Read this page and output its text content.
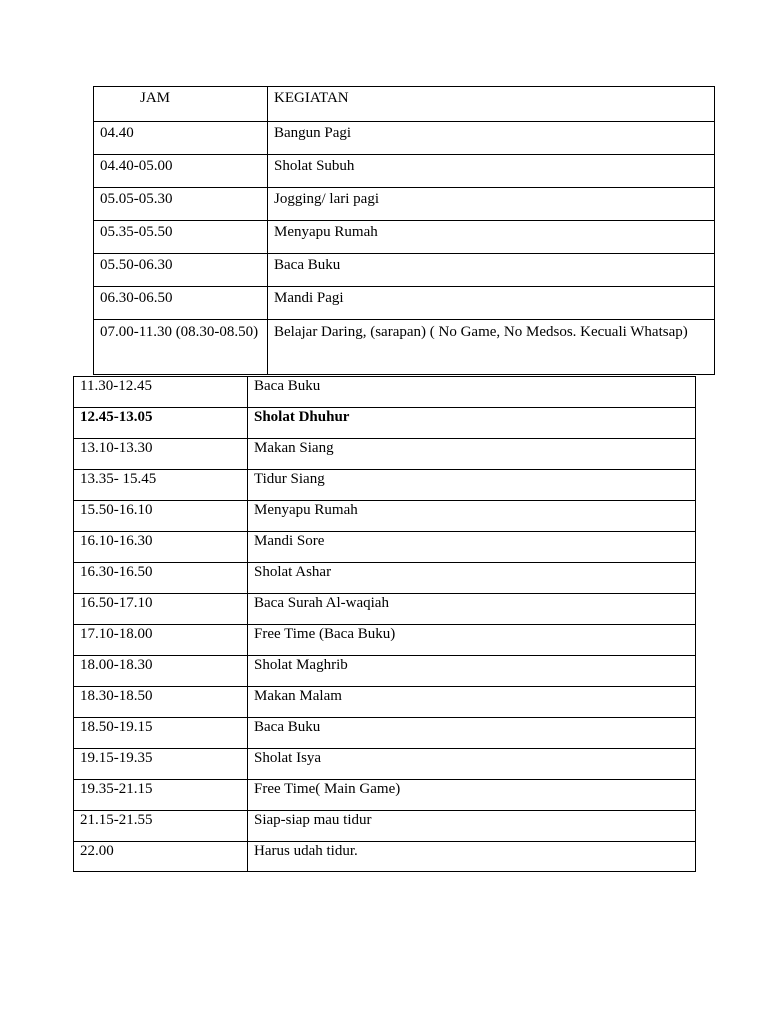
JAM	KEGIATAN
04.40	Bangun Pagi
04.40-05.00	Sholat Subuh
05.05-05.30	Jogging/ lari pagi
05.35-05.50	Menyapu Rumah
05.50-06.30	Baca Buku
06.30-06.50	Mandi Pagi
07.00-11.30 (08.30-08.50)	Belajar Daring, (sarapan) ( No Game, No Medsos. Kecuali Whatsap)
11.30-12.45	Baca Buku
12.45-13.05	Sholat Dhuhur
13.10-13.30	Makan Siang
13.35- 15.45	Tidur Siang
15.50-16.10	Menyapu Rumah
16.10-16.30	Mandi Sore
16.30-16.50	Sholat Ashar
16.50-17.10	Baca Surah Al-waqiah
17.10-18.00	Free Time (Baca Buku)
18.00-18.30	Sholat Maghrib
18.30-18.50	Makan Malam
18.50-19.15	Baca Buku
19.15-19.35	Sholat Isya
19.35-21.15	Free Time( Main Game)
21.15-21.55	Siap-siap mau tidur
22.00	Harus udah tidur.
